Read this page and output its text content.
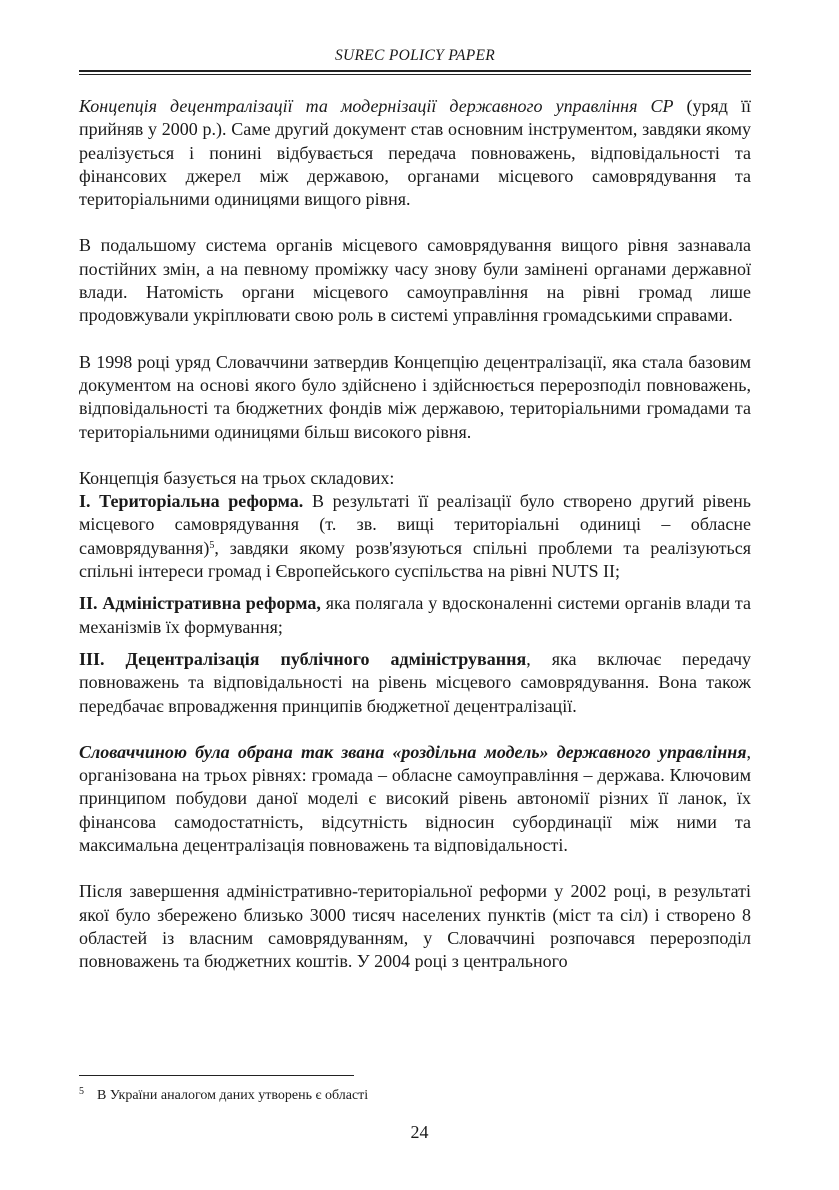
SUREC POLICY PAPER

Концепція децентралізації та модернізації державного управління СР (уряд її прийняв у 2000 р.). Саме другий документ став основним інструментом, завдяки якому реалізується і понині відбувається передача повноважень, відповідальності та фінансових джерел між державою, органами місцевого самоврядування та територіальними одиницями вищого рівня.

В подальшому система органів місцевого самоврядування вищого рівня зазнавала постійних змін, а на певному проміжку часу знову були замінені органами державної влади. Натомість органи місцевого самоуправління на рівні громад лише продовжували укріплювати свою роль в системі управління громадськими справами.

В 1998 році уряд Словаччини затвердив Концепцію децентралізації, яка стала базовим документом на основі якого було здійснено і здійснюється перерозподіл повноважень, відповідальності та бюджетних фондів між державою, територіальними громадами та територіальними одиницями більш високого рівня.

Концепція базується на трьох складових:

I. Територіальна реформа. В результаті її реалізації було створено другий рівень місцевого самоврядування (т. зв. вищі територіальні одиниці – обласне самоврядування)$^5$, завдяки якому розв'язуються спільні проблеми та реалізуються спільні інтереси громад і Європейського суспільства на рівні NUTS II;

II. Адміністративна реформа, яка полягала у вдосконаленні системи органів влади та механізмів їх формування;

III. Децентралізація публічного адміністрування, яка включає передачу повноважень та відповідальності на рівень місцевого самоврядування. Вона також передбачає впровадження принципів бюджетної децентралізації.

Словаччиною була обрана так звана «роздільна модель» державного управління, організована на трьох рівнях: громада – обласне самоуправління – держава. Ключовим принципом побудови даної моделі є високий рівень автономії різних її ланок, їх фінансова самодостатність, відсутність відносин субординації між ними та максимальна децентралізація повноважень та відповідальності.

Після завершення адміністративно-територіальної реформи у 2002 році, в результаті якої було збережено близько 3000 тисяч населених пунктів (міст та сіл) і створено 8 областей із власним самоврядуванням, у Словаччині розпочався перерозподіл повноважень та бюджетних коштів. У 2004 році з центрального

5 В України аналогом даних утворень є області
24
